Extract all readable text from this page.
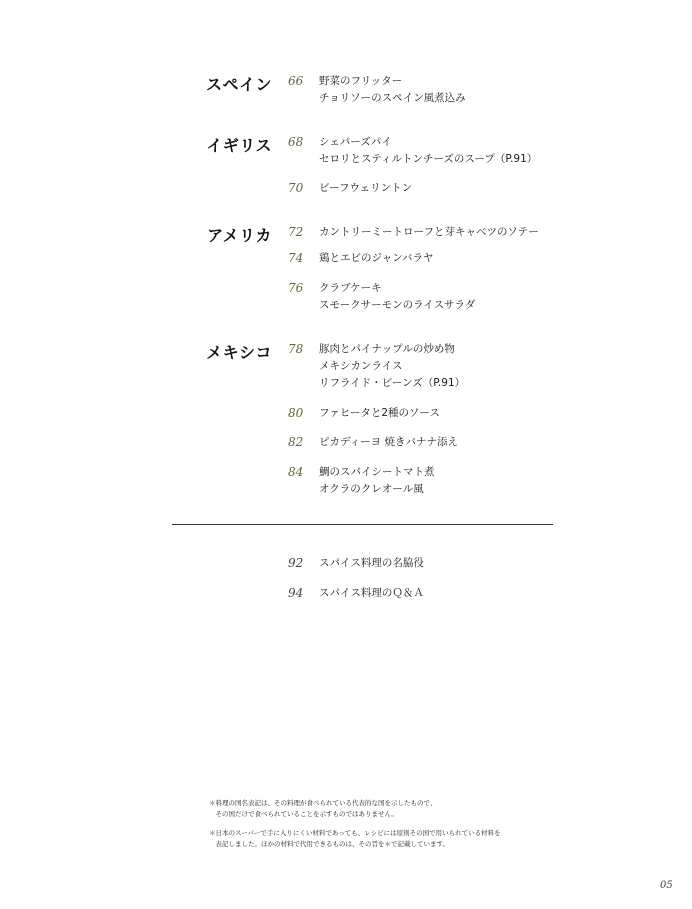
スペイン 66	野菜のフリッター
チョリソーのスペイン風煮込み
イギリス 68	シェパーズパイ
セロリとスティルトンチーズのスープ（P.91）
70	ビーフウェリントン
アメリカ 72	カントリーミートローフと芽キャベツのソテー
74	鶏とエビのジャンバラヤ
76	クラブケーキ
スモークサーモンのライスサラダ
メキシコ 78	豚肉とパイナップルの炒め物
メキシカンライス
リフライド・ビーンズ（P.91）
80	ファヒータと2種のソース
82	ピカディーヨ 焼きバナナ添え
84	鯛のスパイシートマト煮
オクラのクレオール風
92	スパイス料理の名脇役
94	スパイス料理のＱ＆Ａ
＊料理の国名表記は、その料理が食べられている代表的な国を示したもので、
　その国だけで食べられていることを示すものではありません。
＊日本のスーパーで手に入りにくい材料であっても、レシピには原則その国で用いられている材料を
　表記しました。ほかの材料で代用できるものは、その旨を＊で記載しています。
05
